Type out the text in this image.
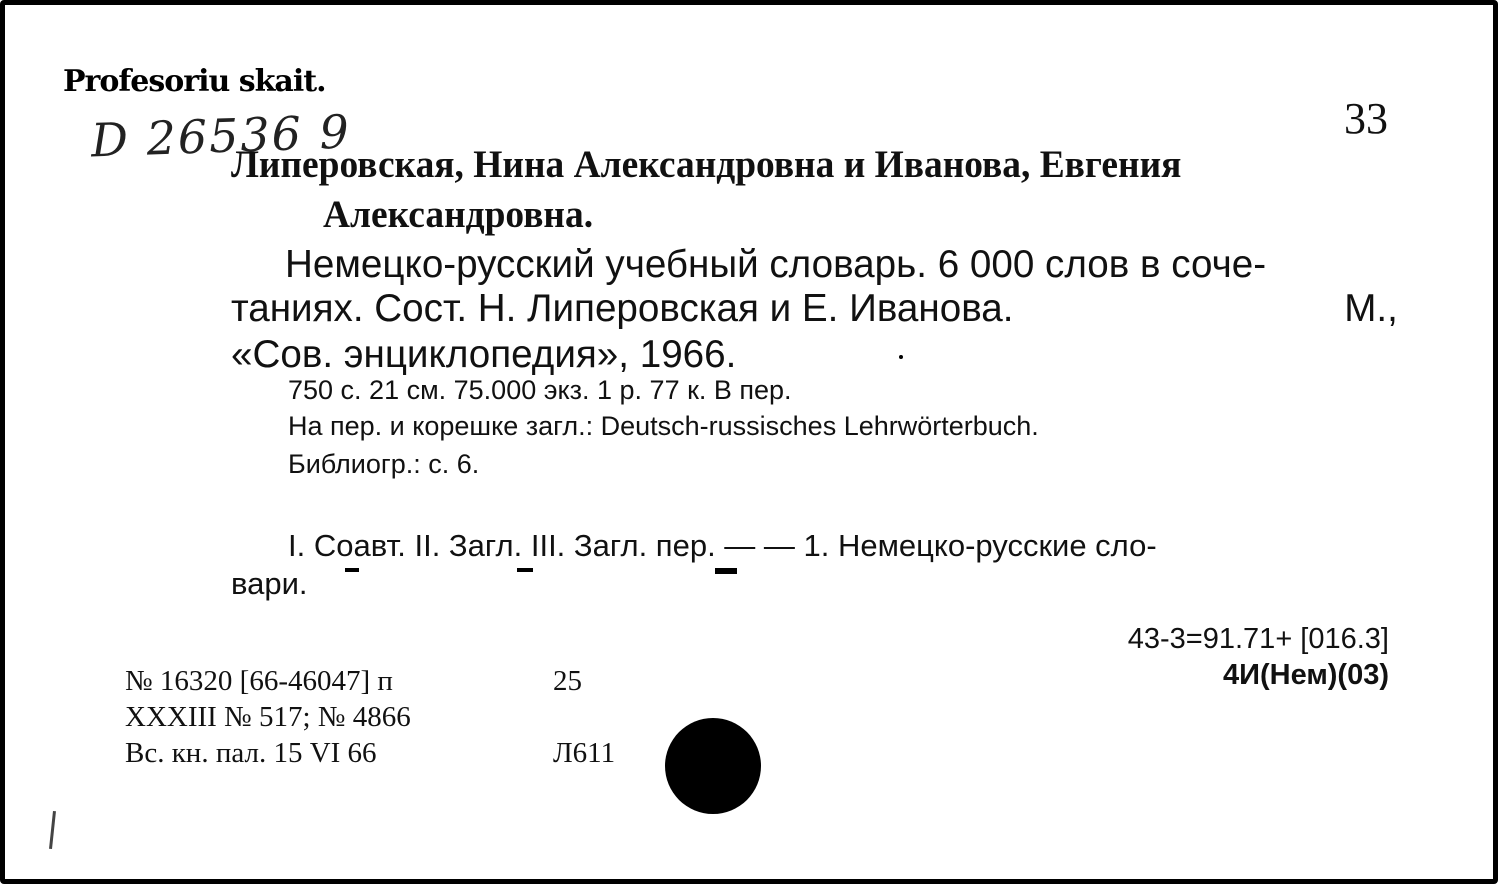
Profesoriu skait.

D 26536 9	33

Липеровская, Нина Александровна и Иванова, Евгения

Александровна.

Немецко-русский учебный словарь. 6 000 слов в соче-

таниях. Сост. Н. Липеровская и Е. Иванова.	М.,

«Сов. энциклопедия», 1966.

750 с. 21 см. 75.000 экз. 1 р. 77 к. В пер.

На пер. и корешке загл.: Deutsch-russisches Lehrwörterbuch.

Библиогр.: с. 6.

I. Соавт. II. Загл. III. Загл. пер. — — 1. Немецко-русские сло-

вари.

43-3=91.71+ [016.3]

4И(Нем)(03)

№ 16320 [66-46047] п	25

XXXIII № 517; № 4866

Вс. кн. пал. 15 VI 66	Л611
